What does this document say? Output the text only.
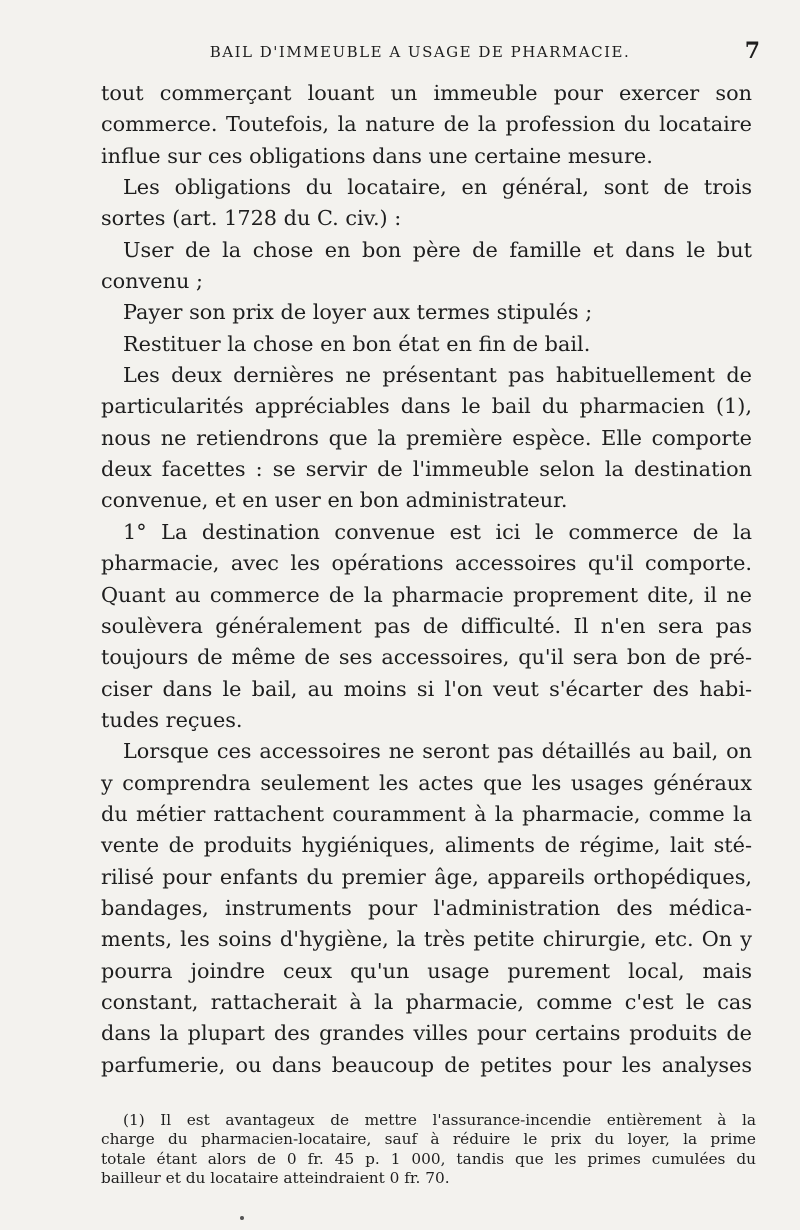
BAIL D'IMMEUBLE A USAGE DE PHARMACIE.	7
tout commerçant louant un immeuble pour exercer son
commerce. Toutefois, la nature de la profession du locataire
influe sur ces obligations dans une certaine mesure.
Les obligations du locataire, en général, sont de trois
sortes (art. 1728 du C. civ.) :
User de la chose en bon père de famille et dans le but
convenu ;
Payer son prix de loyer aux termes stipulés ;
Restituer la chose en bon état en fin de bail.
Les deux dernières ne présentant pas habituellement de
particularités appréciables dans le bail du pharmacien (1),
nous ne retiendrons que la première espèce. Elle comporte
deux facettes : se servir de l'immeuble selon la destination
convenue, et en user en bon administrateur.
1° La destination convenue est ici le commerce de la
pharmacie, avec les opérations accessoires qu'il comporte.
Quant au commerce de la pharmacie proprement dite, il ne
soulèvera généralement pas de difficulté. Il n'en sera pas
toujours de même de ses accessoires, qu'il sera bon de pré-
ciser dans le bail, au moins si l'on veut s'écarter des habi-
tudes reçues.
Lorsque ces accessoires ne seront pas détaillés au bail, on
y comprendra seulement les actes que les usages généraux
du métier rattachent couramment à la pharmacie, comme la
vente de produits hygiéniques, aliments de régime, lait sté-
rilisé pour enfants du premier âge, appareils orthopédiques,
bandages, instruments pour l'administration des médica-
ments, les soins d'hygiène, la très petite chirurgie, etc. On y
pourra joindre ceux qu'un usage purement local, mais
constant, rattacherait à la pharmacie, comme c'est le cas
dans la plupart des grandes villes pour certains produits de
parfumerie, ou dans beaucoup de petites pour les analyses
(1) Il est avantageux de mettre l'assurance-incendie entièrement à la
charge du pharmacien-locataire, sauf à réduire le prix du loyer, la prime
totale étant alors de 0 fr. 45 p. 1 000, tandis que les primes cumulées du
bailleur et du locataire atteindraient 0 fr. 70.
